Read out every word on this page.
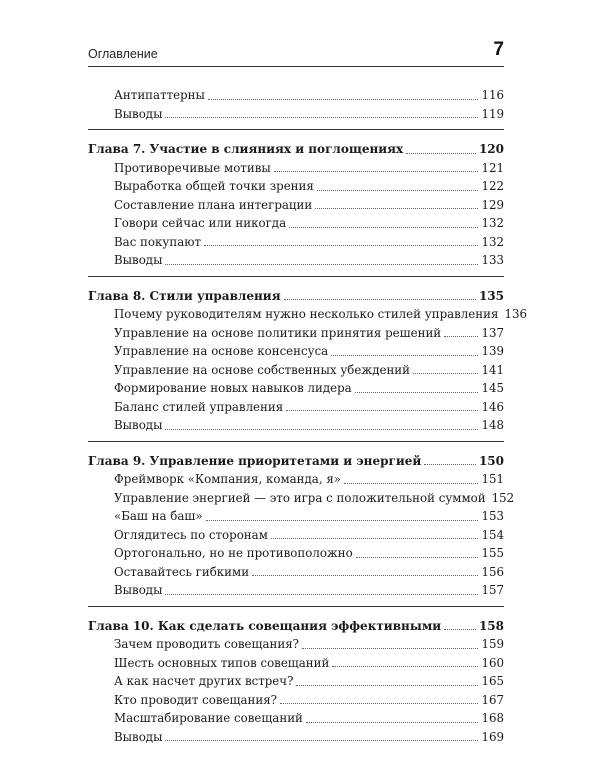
Оглавление	7
Антипаттерны	116
Выводы	119
Глава 7. Участие в слияниях и поглощениях	120
Противоречивые мотивы	121
Выработка общей точки зрения	122
Составление плана интеграции	129
Говори сейчас или никогда	132
Вас покупают	132
Выводы	133
Глава 8. Стили управления	135
Почему руководителям нужно несколько стилей управления 136
Управление на основе политики принятия решений	137
Управление на основе консенсуса	139
Управление на основе собственных убеждений	141
Формирование новых навыков лидера	145
Баланс стилей управления	146
Выводы	148
Глава 9. Управление приоритетами и энергией	150
Фреймворк «Компания, команда, я»	151
Управление энергией — это игра с положительной суммой 152
«Баш на баш»	153
Оглядитесь по сторонам	154
Ортогонально, но не противоположно	155
Оставайтесь гибкими	156
Выводы	157
Глава 10. Как сделать совещания эффективными	158
Зачем проводить совещания?	159
Шесть основных типов совещаний	160
А как насчет других встреч?	165
Кто проводит совещания?	167
Масштабирование совещаний	168
Выводы	169
